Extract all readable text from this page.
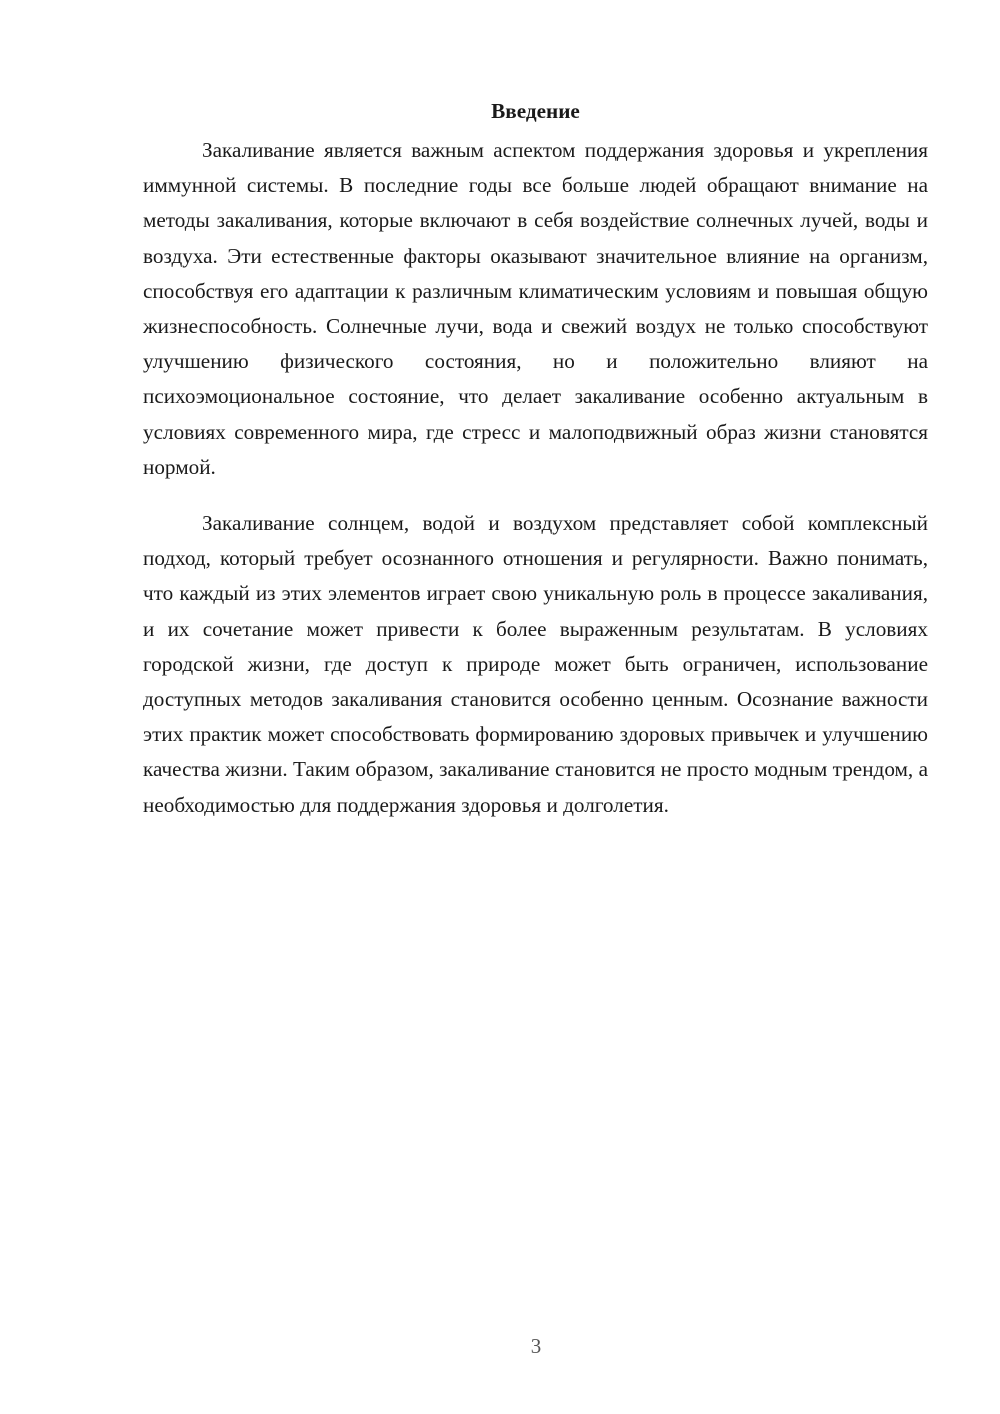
Введение

Закаливание является важным аспектом поддержания здоровья и укрепления иммунной системы. В последние годы все больше людей обращают внимание на методы закаливания, которые включают в себя воздействие солнечных лучей, воды и воздуха. Эти естественные факторы оказывают значительное влияние на организм, способствуя его адаптации к различным климатическим условиям и повышая общую жизнеспособность. Солнечные лучи, вода и свежий воздух не только способствуют улучшению физического состояния, но и положительно влияют на психоэмоциональное состояние, что делает закаливание особенно актуальным в условиях современного мира, где стресс и малоподвижный образ жизни становятся нормой.

Закаливание солнцем, водой и воздухом представляет собой комплексный подход, который требует осознанного отношения и регулярности. Важно понимать, что каждый из этих элементов играет свою уникальную роль в процессе закаливания, и их сочетание может привести к более выраженным результатам. В условиях городской жизни, где доступ к природе может быть ограничен, использование доступных методов закаливания становится особенно ценным. Осознание важности этих практик может способствовать формированию здоровых привычек и улучшению качества жизни. Таким образом, закаливание становится не просто модным трендом, а необходимостью для поддержания здоровья и долголетия.

3
